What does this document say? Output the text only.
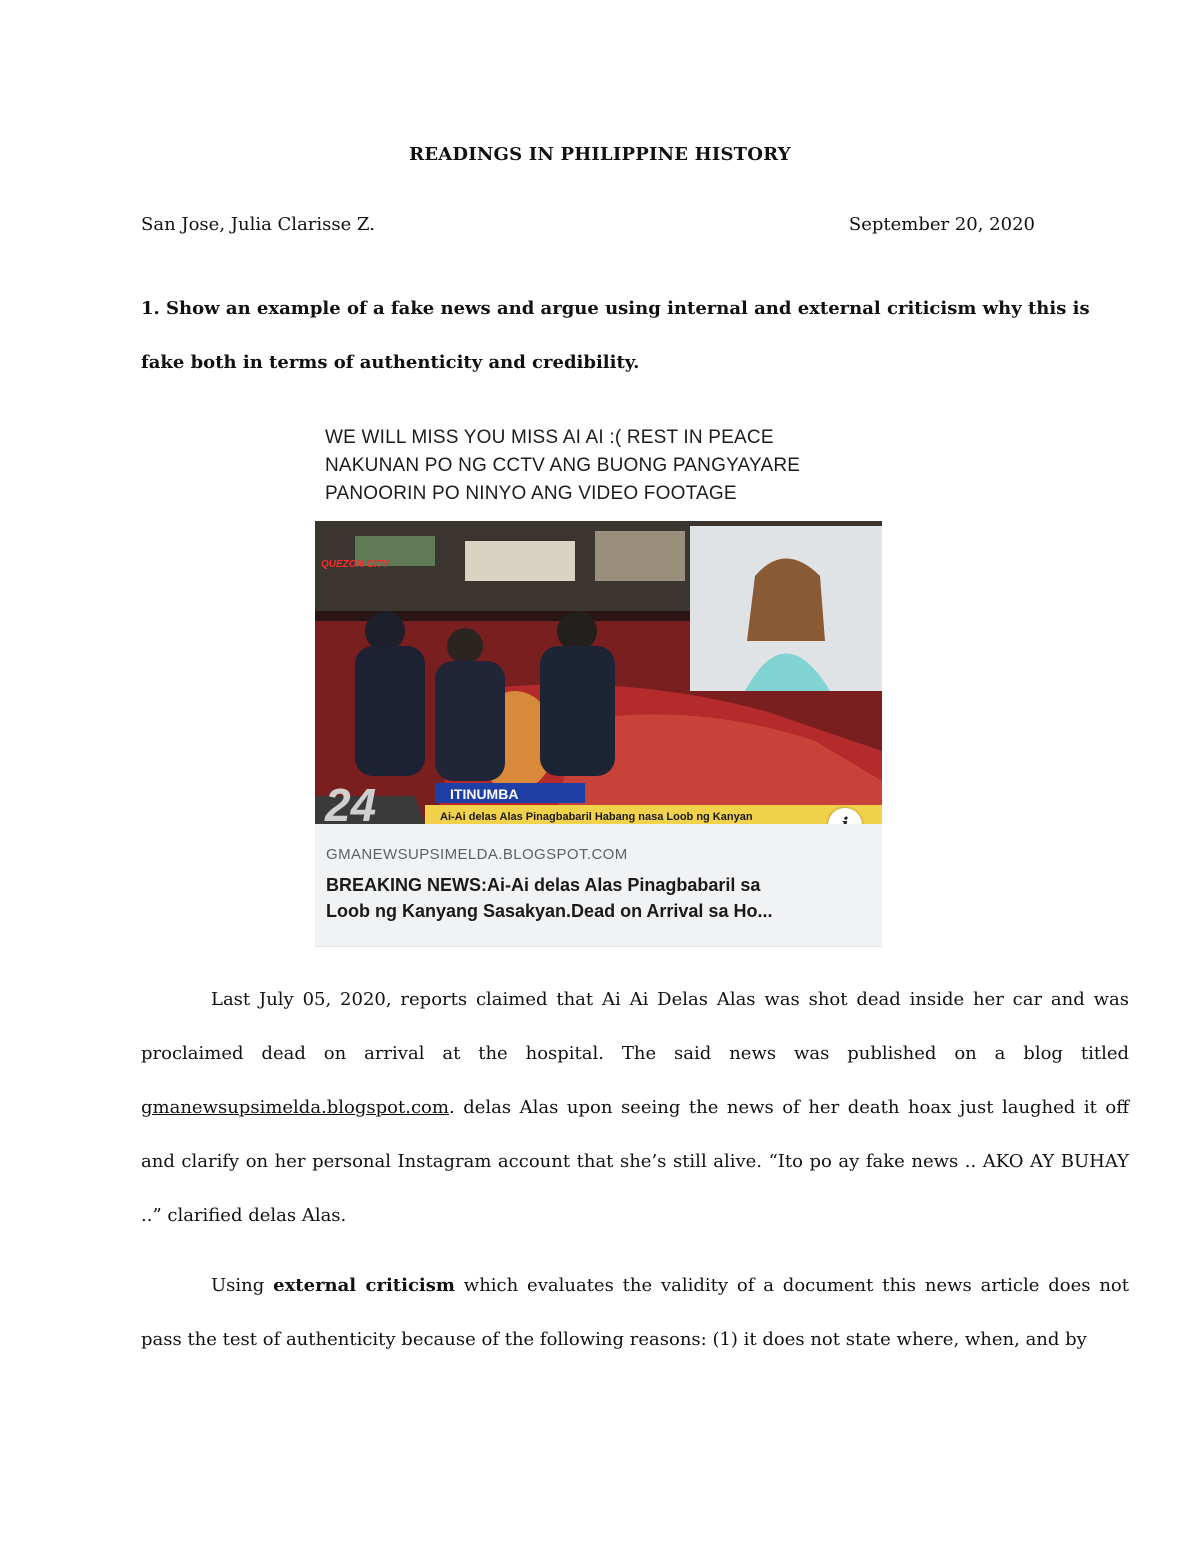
READINGS IN PHILIPPINE HISTORY
San Jose, Julia Clarisse Z.	September 20, 2020
1. Show an example of a fake news and argue using internal and external criticism why this is fake both in terms of authenticity and credibility.
WE WILL MISS YOU MISS AI AI :( REST IN PEACE
NAKUNAN PO NG CCTV ANG BUONG PANGYAYARE
PANOORIN PO NINYO ANG VIDEO FOOTAGE
QUEZON CITY
24	ITINUMBA
Ai-Ai delas Alas Pinagbabaril Habang nasa Loob ng Kanyan
GMANEWSUPSIMELDA.BLOGSPOT.COM
BREAKING NEWS:Ai-Ai delas Alas Pinagbabaril sa
Loob ng Kanyang Sasakyan.Dead on Arrival sa Ho...
Last July 05, 2020, reports claimed that Ai Ai Delas Alas was shot dead inside her car and was proclaimed dead on arrival at the hospital. The said news was published on a blog titled gmanewsupsimelda.blogspot.com. delas Alas upon seeing the news of her death hoax just laughed it off and clarify on her personal Instagram account that she’s still alive. “Ito po ay fake news .. AKO AY BUHAY ..” clarified delas Alas.
Using external criticism which evaluates the validity of a document this news article does not pass the test of authenticity because of the following reasons: (1) it does not state where, when, and by
